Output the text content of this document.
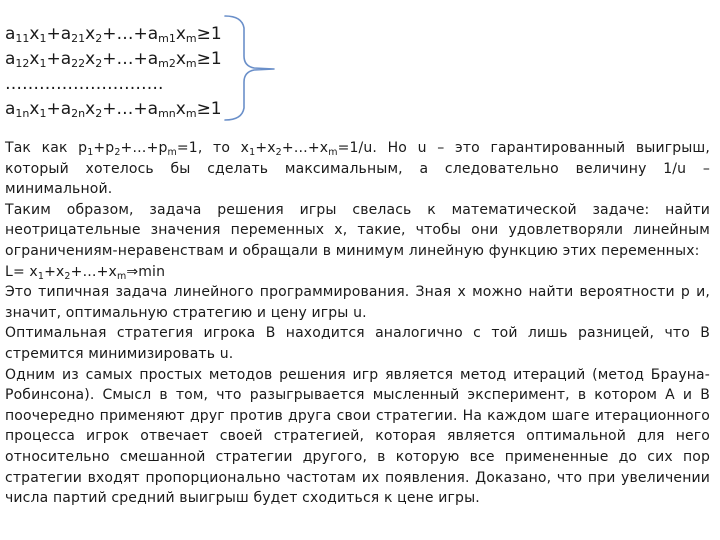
$a_{11}x_1+a_{21}x_2+\dots+a_{m1}x_m\ge 1$
$a_{12}x_1+a_{22}x_2+\dots+a_{m2}x_m\ge 1$
……………………….
$a_{1n}x_1+a_{2n}x_2+\dots+a_{mn}x_m\ge 1$

Так как $p_1+p_2+\dots+p_m=1$, то $x_1+x_2+\dots+x_m=1/u$. Но u – это гарантированный выигрыш, который хотелось бы сделать максимальным, а следовательно величину 1/u – минимальной.

Таким образом, задача решения игры свелась к математической задаче: найти неотрицательные значения переменных x, такие, чтобы они удовлетворяли линейным ограничениям-неравенствам и обращали в минимум линейную функцию этих переменных:

$L= x_1+x_2+\dots+x_m\Rightarrow\min$

Это типичная задача линейного программирования. Зная x можно найти вероятности p и, значит, оптимальную стратегию и цену игры u.

Оптимальная стратегия игрока B находится аналогично с той лишь разницей, что B стремится минимизировать u.

Одним из самых простых методов решения игр является метод итераций (метод Брауна-Робинсона). Смысл в том, что разыгрывается мысленный эксперимент, в котором A и B поочередно применяют друг против друга свои стратегии. На каждом шаге итерационного процесса игрок отвечает своей стратегией, которая является оптимальной для него относительно смешанной стратегии другого, в которую все примененные до сих пор стратегии входят пропорционально частотам их появления. Доказано, что при увеличении числа партий средний выигрыш будет сходиться к цене игры.
